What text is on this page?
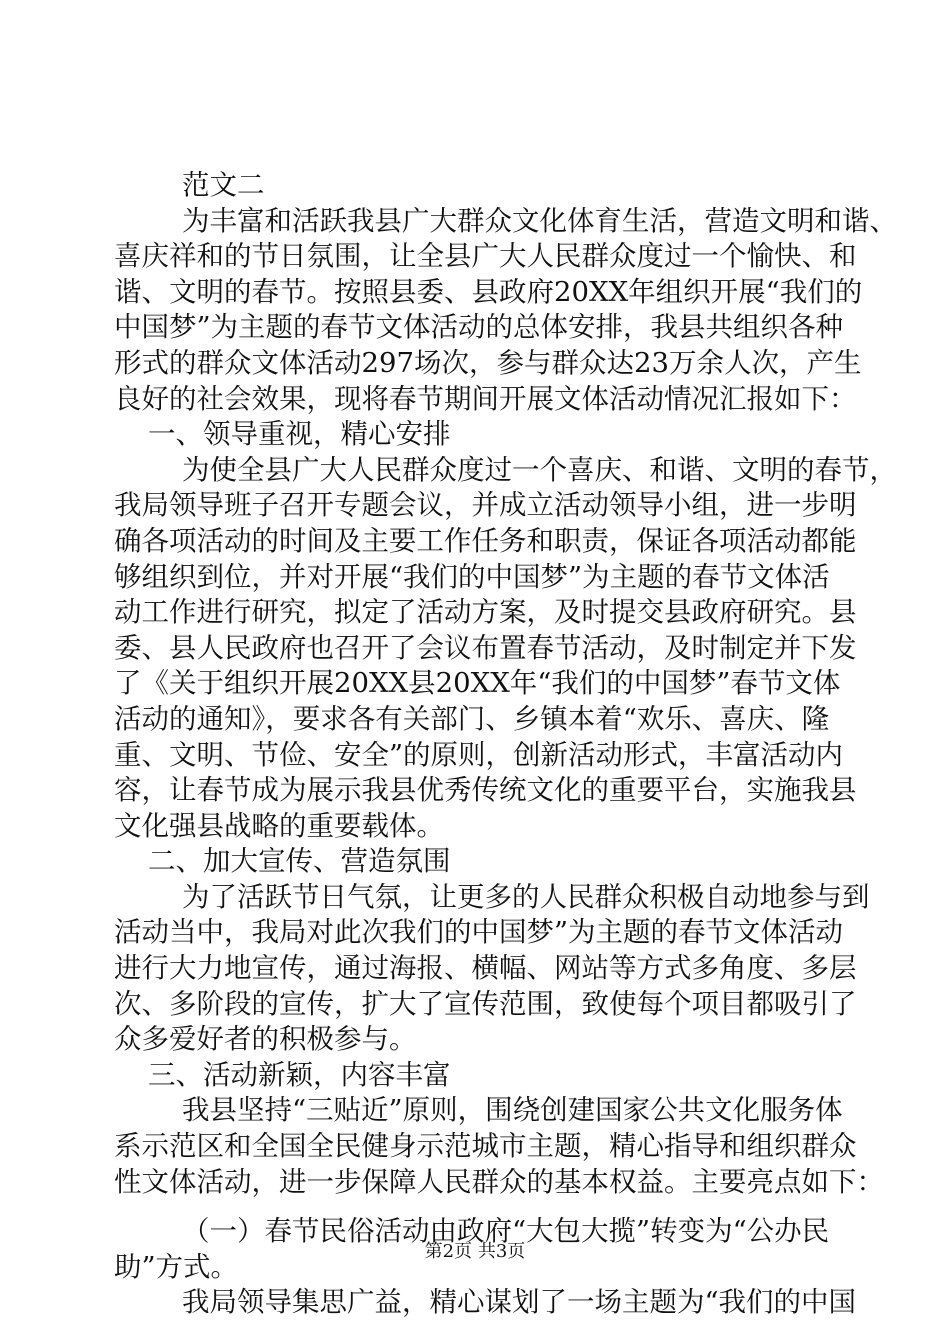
范文二
为丰富和活跃我县广大群众文化体育生活，营造文明和谐、
喜庆祥和的节日氛围，让全县广大人民群众度过一个愉快、和
谐、文明的春节。按照县委、县政府20XX年组织开展“我们的
中国梦”为主题的春节文体活动的总体安排，我县共组织各种
形式的群众文体活动297场次，参与群众达23万余人次，产生
良好的社会效果，现将春节期间开展文体活动情况汇报如下：
一、领导重视，精心安排
为使全县广大人民群众度过一个喜庆、和谐、文明的春节，
我局领导班子召开专题会议，并成立活动领导小组，进一步明
确各项活动的时间及主要工作任务和职责，保证各项活动都能
够组织到位，并对开展“我们的中国梦”为主题的春节文体活
动工作进行研究，拟定了活动方案，及时提交县政府研究。县
委、县人民政府也召开了会议布置春节活动，及时制定并下发
了《关于组织开展20XX县20XX年“我们的中国梦”春节文体
活动的通知》，要求各有关部门、乡镇本着“欢乐、喜庆、隆
重、文明、节俭、安全”的原则，创新活动形式，丰富活动内
容，让春节成为展示我县优秀传统文化的重要平台，实施我县
文化强县战略的重要载体。
二、加大宣传、营造氛围
为了活跃节日气氛，让更多的人民群众积极自动地参与到
活动当中，我局对此次我们的中国梦”为主题的春节文体活动
进行大力地宣传，通过海报、横幅、网站等方式多角度、多层
次、多阶段的宣传，扩大了宣传范围，致使每个项目都吸引了
众多爱好者的积极参与。
三、活动新颖，内容丰富
我县坚持“三贴近”原则，围绕创建国家公共文化服务体
系示范区和全国全民健身示范城市主题，精心指导和组织群众
性文体活动，进一步保障人民群众的基本权益。主要亮点如下：
（一）春节民俗活动由政府“大包大揽”转变为“公办民
助”方式。
我局领导集思广益，精心谋划了一场主题为“我们的中国
第2页 共3页
